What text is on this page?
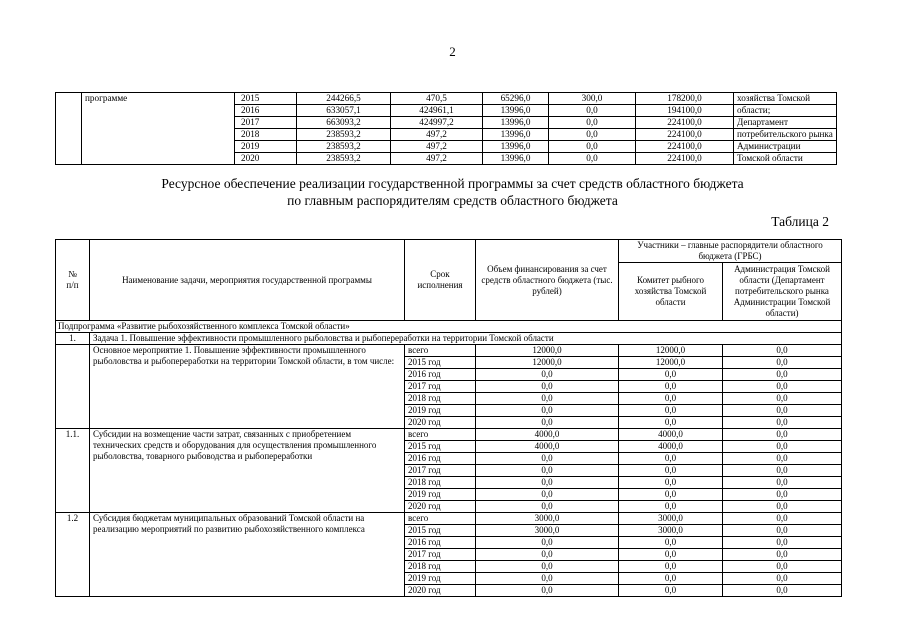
2
	программе	2015	244266,5	470,5	65296,0	300,0	178200,0	хозяйства Томской
		2016	633057,1	424961,1	13996,0	0,0	194100,0	области;
		2017	663093,2	424997,2	13996,0	0,0	224100,0	Департамент
		2018	238593,2	497,2	13996,0	0,0	224100,0	потребительского рынка
		2019	238593,2	497,2	13996,0	0,0	224100,0	Администрации
		2020	238593,2	497,2	13996,0	0,0	224100,0	Томской области
Ресурсное обеспечение реализации государственной программы за счет средств областного бюджета
по главным распорядителям средств областного бюджета
Таблица 2
№
п/п	Наименование задачи, мероприятия государственной программы	Срок исполнения	Объем финансирования за счет средств областного бюджета (тыс. рублей)	Участники – главные распорядители областного бюджета (ГРБС)	
				Комитет рыбного хозяйства Томской области	Администрация Томской области (Департамент потребительского рынка Администрации Томской области)
Подпрограмма «Развитие рыбохозяйственного комплекса Томской области»					
1.	Задача 1. Повышение эффективности промышленного рыболовства и рыбопереработки на территории Томской области				
	Основное мероприятие 1. Повышение эффективности промышленного рыболовства и рыбопереработки на территории Томской области, в том числе:	всего	12000,0	12000,0	0,0
		2015 год	12000,0	12000,0	0,0
		2016 год	0,0	0,0	0,0
		2017 год	0,0	0,0	0,0
		2018 год	0,0	0,0	0,0
		2019 год	0,0	0,0	0,0
		2020 год	0,0	0,0	0,0
1.1.	Субсидии на возмещение части затрат, связанных с приобретением технических средств и оборудования для осуществления промышленного рыболовства, товарного рыбоводства и рыбопереработки	всего	4000,0	4000,0	0,0
		2015 год	4000,0	4000,0	0,0
		2016 год	0,0	0,0	0,0
		2017 год	0,0	0,0	0,0
		2018 год	0,0	0,0	0,0
		2019 год	0,0	0,0	0,0
		2020 год	0,0	0,0	0,0
1.2	Субсидия бюджетам муниципальных образований Томской области на реализацию мероприятий по развитию рыбохозяйственного комплекса	всего	3000,0	3000,0	0,0
		2015 год	3000,0	3000,0	0,0
		2016 год	0,0	0,0	0,0
		2017 год	0,0	0,0	0,0
		2018 год	0,0	0,0	0,0
		2019 год	0,0	0,0	0,0
		2020 год	0,0	0,0	0,0
